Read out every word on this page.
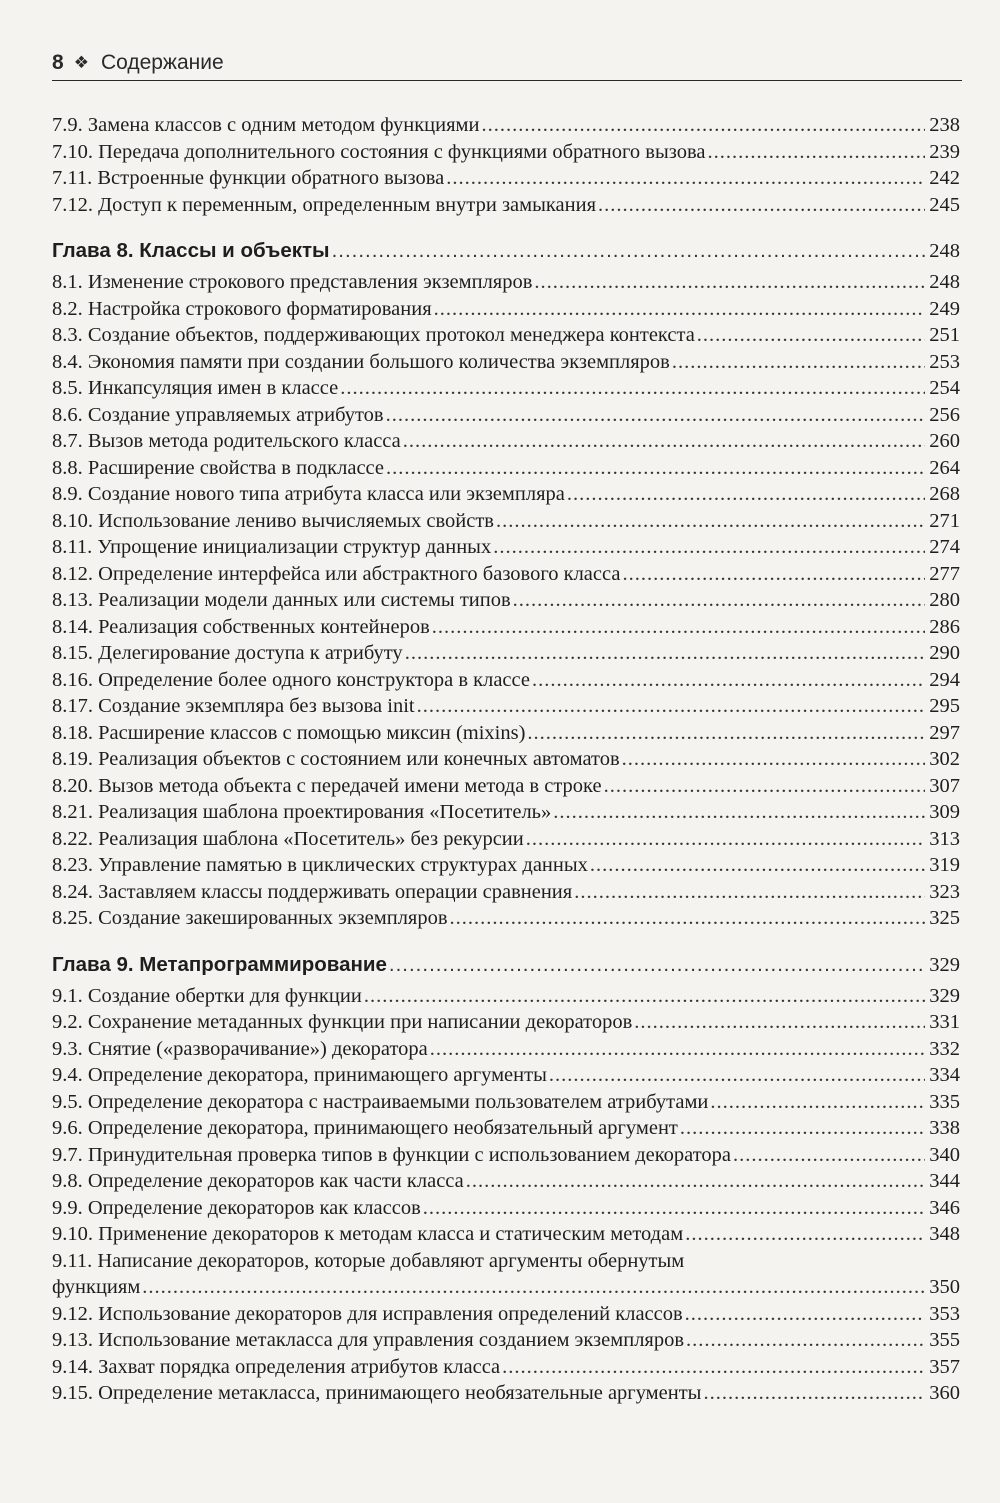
8 ❖ Содержание
7.9. Замена классов с одним методом функциями .....	238
7.10. Передача дополнительного состояния с функциями обратного вызова .....	239
7.11. Встроенные функции обратного вызова .....	242
7.12. Доступ к переменным, определенным внутри замыкания .....	245
Глава 8. Классы и объекты .....	248
8.1. Изменение строкового представления экземпляров .....	248
8.2. Настройка строкового форматирования .....	249
8.3. Создание объектов, поддерживающих протокол менеджера контекста .....	251
8.4. Экономия памяти при создании большого количества экземпляров .....	253
8.5. Инкапсуляция имен в классе .....	254
8.6. Создание управляемых атрибутов .....	256
8.7. Вызов метода родительского класса .....	260
8.8. Расширение свойства в подклассе .....	264
8.9. Создание нового типа атрибута класса или экземпляра .....	268
8.10. Использование лениво вычисляемых свойств .....	271
8.11. Упрощение инициализации структур данных .....	274
8.12. Определение интерфейса или абстрактного базового класса .....	277
8.13. Реализации модели данных или системы типов .....	280
8.14. Реализация собственных контейнеров .....	286
8.15. Делегирование доступа к атрибуту .....	290
8.16. Определение более одного конструктора в классе .....	294
8.17. Создание экземпляра без вызова init .....	295
8.18. Расширение классов с помощью миксин (mixins) .....	297
8.19. Реализация объектов с состоянием или конечных автоматов .....	302
8.20. Вызов метода объекта с передачей имени метода в строке .....	307
8.21. Реализация шаблона проектирования «Посетитель» .....	309
8.22. Реализация шаблона «Посетитель» без рекурсии .....	313
8.23. Управление памятью в циклических структурах данных .....	319
8.24. Заставляем классы поддерживать операции сравнения .....	323
8.25. Создание закешированных экземпляров .....	325
Глава 9. Метапрограммирование .....	329
9.1. Создание обертки для функции .....	329
9.2. Сохранение метаданных функции при написании декораторов .....	331
9.3. Снятие («разворачивание») декоратора .....	332
9.4. Определение декоратора, принимающего аргументы .....	334
9.5. Определение декоратора с настраиваемыми пользователем атрибутами .....	335
9.6. Определение декоратора, принимающего необязательный аргумент .....	338
9.7. Принудительная проверка типов в функции с использованием декоратора .....	340
9.8. Определение декораторов как части класса .....	344
9.9. Определение декораторов как классов .....	346
9.10. Применение декораторов к методам класса и статическим методам .....	348
9.11. Написание декораторов, которые добавляют аргументы обернутым
функциям .....	350
9.12. Использование декораторов для исправления определений классов .....	353
9.13. Использование метакласса для управления созданием экземпляров .....	355
9.14. Захват порядка определения атрибутов класса .....	357
9.15. Определение метакласса, принимающего необязательные аргументы .....	360
